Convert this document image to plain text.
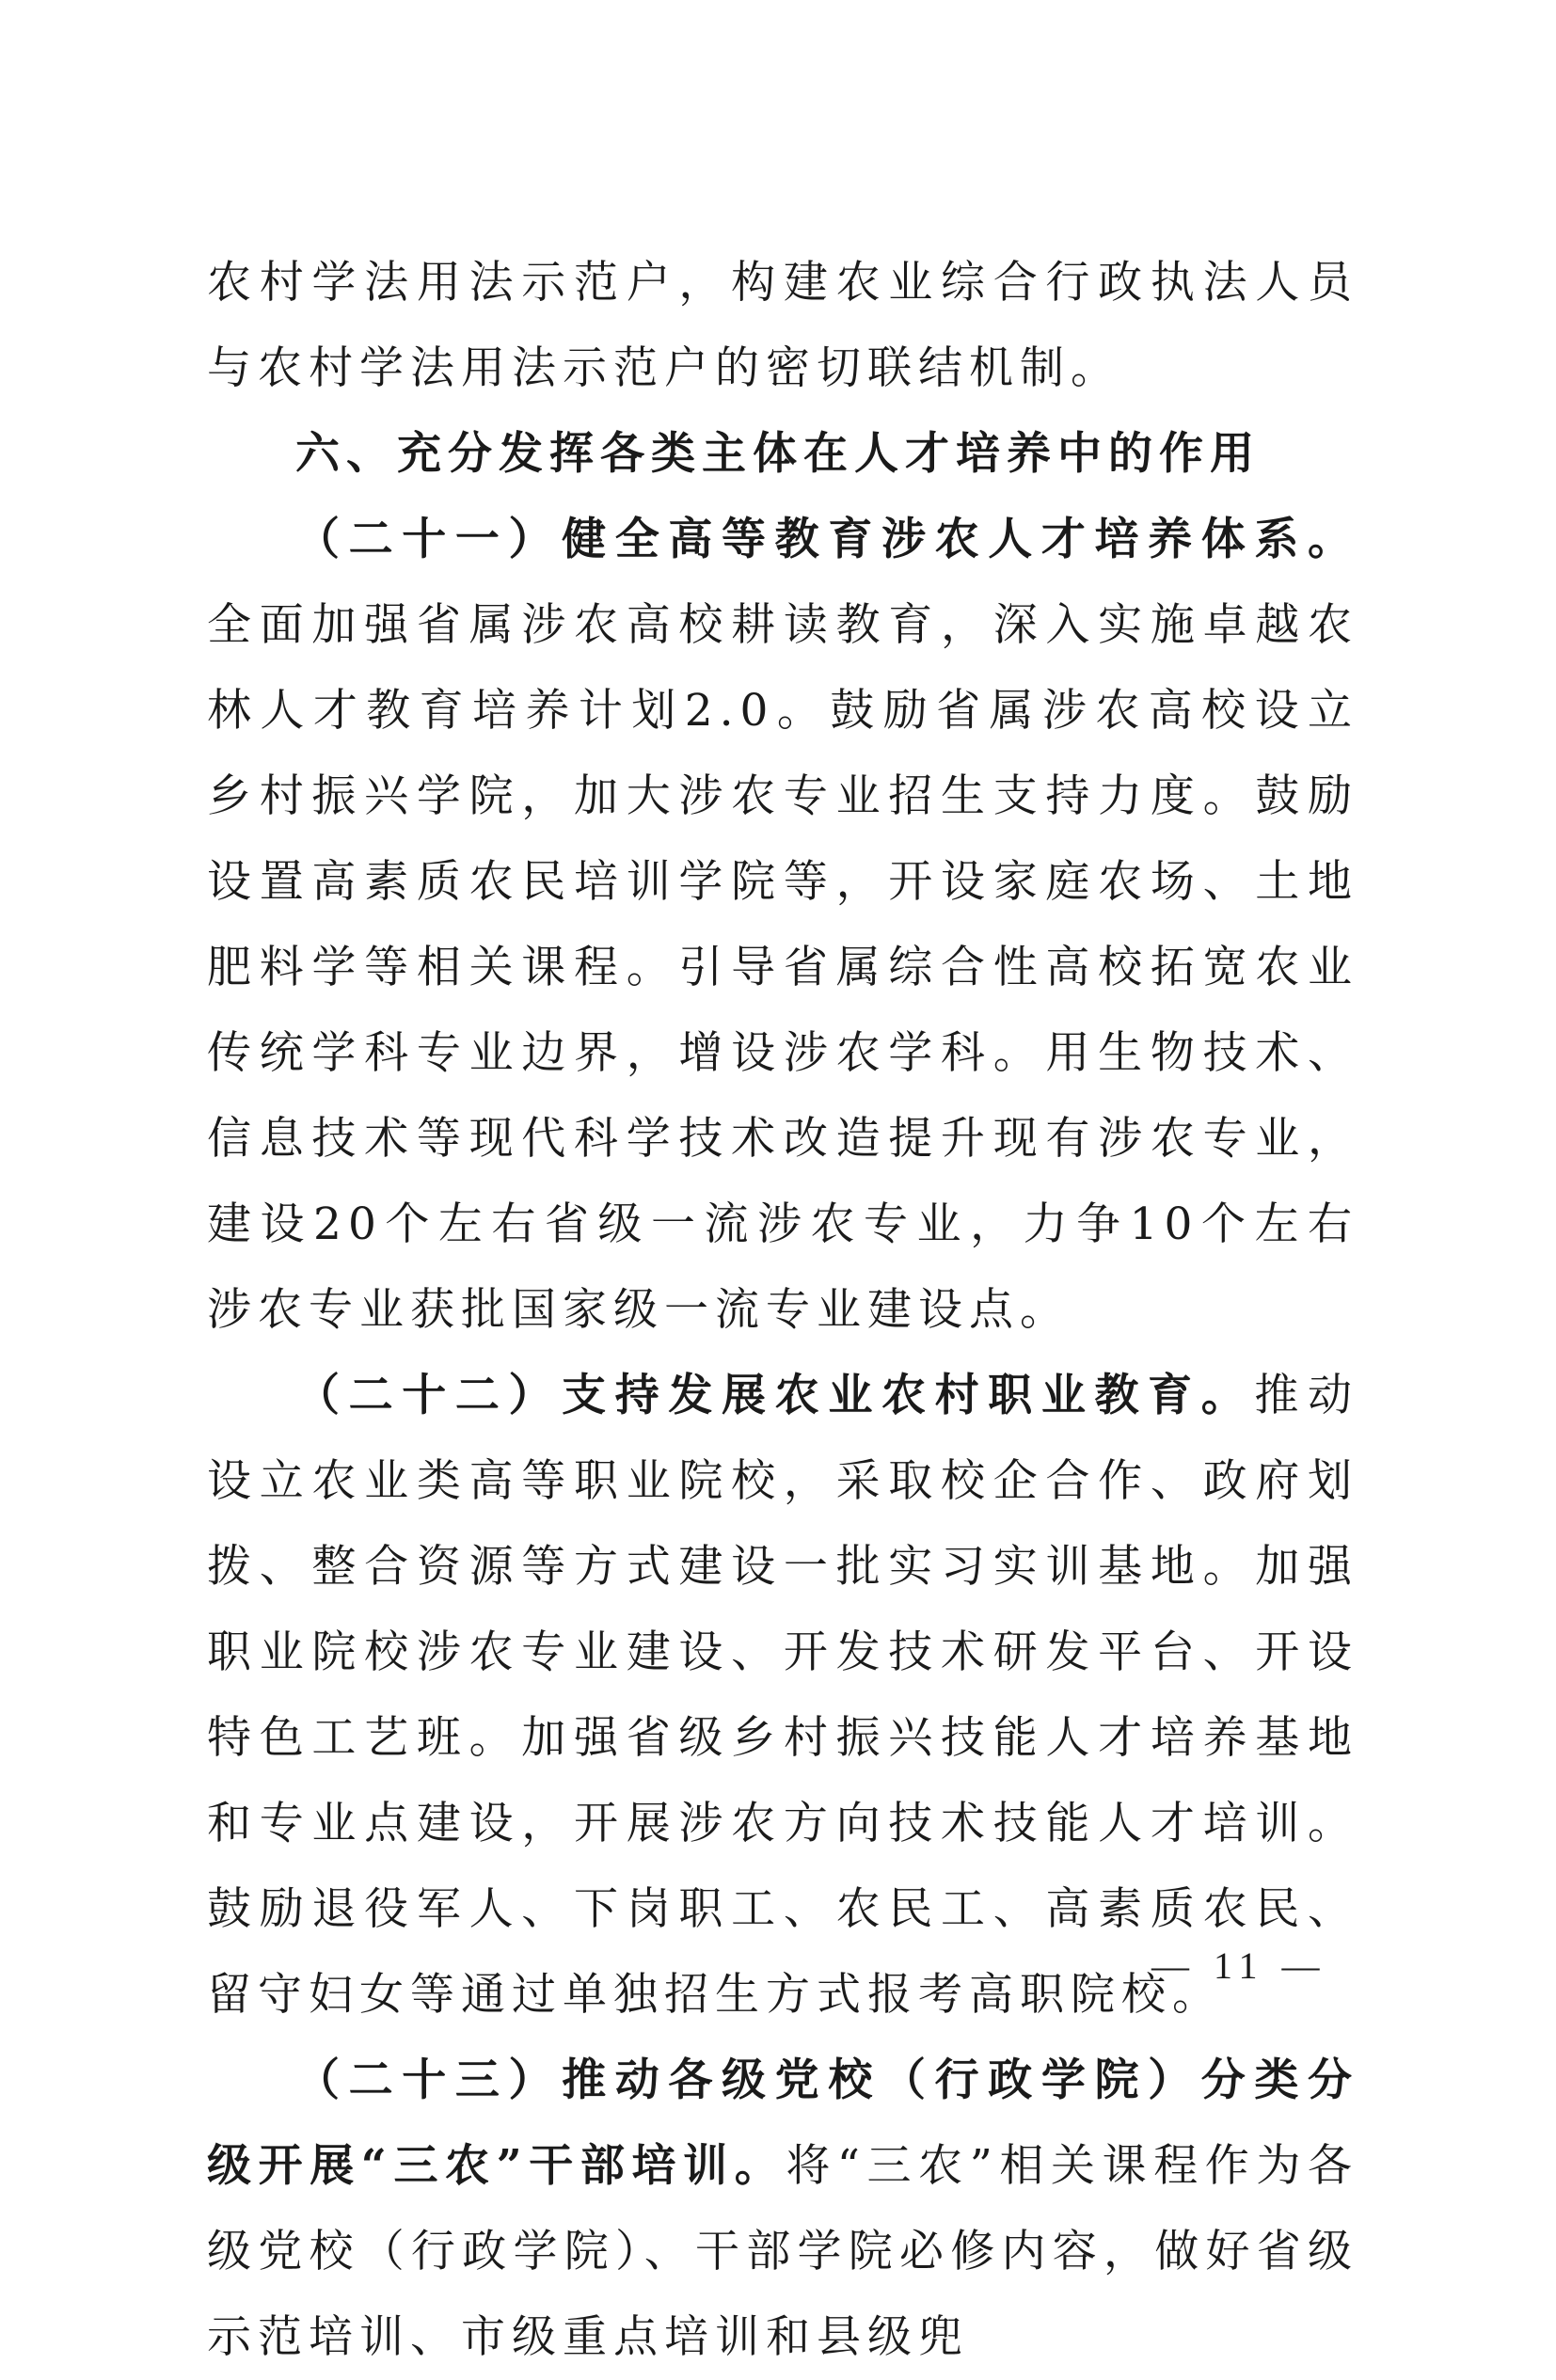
农村学法用法示范户，构建农业综合行政执法人员与农村学法用法示范户的密切联结机制。

六、充分发挥各类主体在人才培养中的作用

（二十一）健全高等教育涉农人才培养体系。全面加强省属涉农高校耕读教育，深入实施卓越农林人才教育培养计划2.0。鼓励省属涉农高校设立乡村振兴学院，加大涉农专业招生支持力度。鼓励设置高素质农民培训学院等，开设家庭农场、土地肥料学等相关课程。引导省属综合性高校拓宽农业传统学科专业边界，增设涉农学科。用生物技术、信息技术等现代科学技术改造提升现有涉农专业，建设20个左右省级一流涉农专业，力争10个左右涉农专业获批国家级一流专业建设点。

（二十二）支持发展农业农村职业教育。推动设立农业类高等职业院校，采取校企合作、政府划拨、整合资源等方式建设一批实习实训基地。加强职业院校涉农专业建设、开发技术研发平台、开设特色工艺班。加强省级乡村振兴技能人才培养基地和专业点建设，开展涉农方向技术技能人才培训。鼓励退役军人、下岗职工、农民工、高素质农民、留守妇女等通过单独招生方式报考高职院校。

（二十三）推动各级党校（行政学院）分类分级开展“三农”干部培训。将“三农”相关课程作为各级党校（行政学院）、干部学院必修内容，做好省级示范培训、市级重点培训和县级兜

— 11 —
